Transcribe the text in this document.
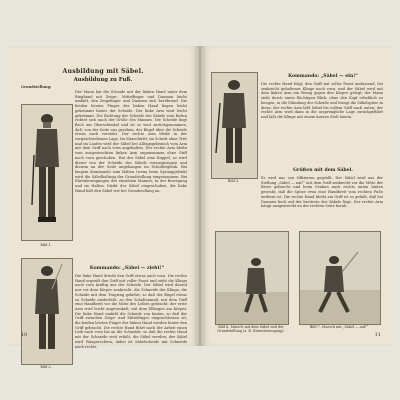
Ausbildung mit Säbel.
Ausbildung zu Fuß.
Grundstellung:
Bild 1.
Der Mann hat die Scheide mit der linken Hand unter dem Ringband mit Zeige-, Mittelfinger und Daumen leicht umfaßt, den Zeigefinger und Daumen sich berührend. Die beiden letzten Finger der linken Hand liegen leicht gekrümmt hinter der Scheide. Der linke Arm wird leicht gekrümmt. Die Richtung der Scheide des Säbels vom Boden richtet sich nach der Größe des Mannes. Die Scheide liegt flach am Oberschenkel und ist so weit zurückgenommen, daß, von der Seite aus gesehen, der Bügel über die Scheide etwas nach vorsteht. Der rechte Arm bleibt in der vorgeschriebenen Lage. Im Marschtritt, im Schritt ohne Tritt und im Laufen wird der Säbel bei Alltagsgebrauch vom Arm mit dem Griff nach vorn angehalten. Der rechte Arm bleibt vom ausgestreckten linken Arm angenommen ohne Griff nach vorn geschoben. Hat der Säbel eine Kuppel, so wird dieser von der Scheide des Säbels vorausgezogen und diesem an der Seite angehangen im Schulterglenk. Bei langem Kommando zum Halten (wenn beim Sprunggelenk) wird die Säbelhaltung der Grundstellung eingenommen. Bei Ehrenbezeigungen des einzelnen Mannes, in der Bewegung und im Halten, bleibt der Säbel eingeschoben, die linke Hand hält den Säbel wie bei Grundstellung an.
Kommando: „Säbel — zieht!“
Bild 2.
Die linke Hand drückt den Griff etwas nach vorn. Die rechte Hand ergreift den Griff mit voller Faust und zieht die Klinge nach vorn kräftig aus der Scheide. Der Säbel wird darauf nur vor dem Körper senkrecht, die Schneide der Klinge, die Scheide mit dem Tragring gekehrt, so daß der Bügel etwas zu Scheide niederfaßt, zu den Schaltenmalt, mit dem Griff eine Handbreit vor die Mitte des Leibes gebracht; der erste Arm wird leicht angewinkelt, mit dem Ellbogen am Körper. Die linke Hand umfaßt die Scheide von hinten, so daß der Griff zwischen Zeige- und Mittelfinger eingeschlossen ist; die beiden letzten Finger der linken Hand werden hinter den Griff gebracht. Die rechte Hand führt nach der Arbeit einen Leib nach vorn bis an die Schneide, so daß die rechte Hand mit der Schneide weit erfaßt, die Säbel werden; der Säbel wird Waagerechten, dabei ist Säbelscheide mit Schneide nach rechts.
10
Bild 3.
Kommando: „Säbel — ein!“
Die rechte Hand folgt, den Griff mit voller Faust umfassend, bei senkrecht gehaltener Klinge nach vorn, und der Säbel wird mit dem linken Arm ein Wenig gegen den Körper gelegt; der Mann sieht durch einen flüchtigen Blick, ohne den Kopf erheblich zu beugen, in die Mündung der Scheide und bringt die Säbelspitze in diese; der rechte Arm läßt Säbel bis vollem Griff nach unten; der rechte Arm wird dann in die ursprüngliche Lage zurückgeführt und läßt die Klinge mit einem kurzen Stoß hinein.
Grüßen mit dem Säbel.
Es wird nur von Offizieren gegrüßt. Der Säbel wird aus der Stellung „Säbel — auf!“ mit dem Griff senkrecht vor die Mitte der Brust gebracht und beim Senken nach rechts unten hinten gesenkt, daß die Spitze etwa eine Handbreit vom rechten Fuße entfernt ist. Die rechte Hand bleibt am Griff ist so gefaßt, daß bei Daumen hoch auf der breiteste des Säbels liegt. Der rechte Arm hängt ausgestreckt an der rechten Seite herab.
Bild 6. Marsch mit dem Säbel und der Grundstellung (z. B. Ehrenbezeugung).
Bild 7. Marsch mit „Säbel — auf!“
11
